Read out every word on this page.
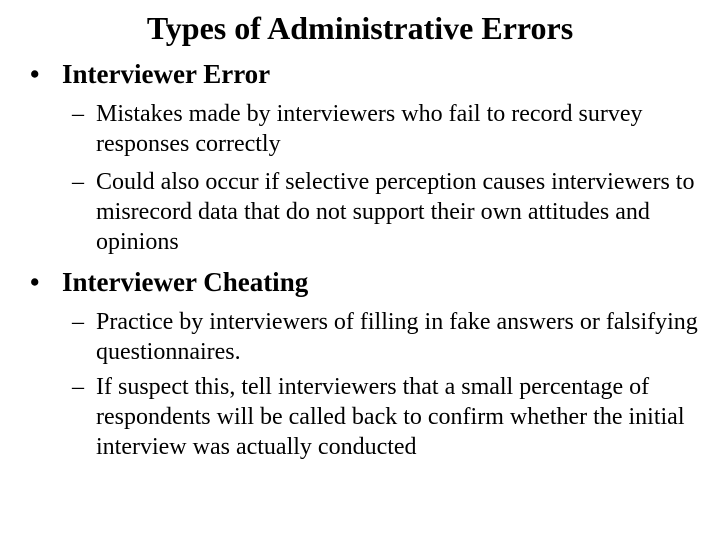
Types of Administrative Errors
• Interviewer Error
– Mistakes made by interviewers who fail to record survey responses correctly
– Could also occur if selective perception causes interviewers to misrecord data that do not support their own attitudes and opinions
• Interviewer Cheating
– Practice by interviewers of filling in fake answers or falsifying questionnaires.
– If suspect this, tell interviewers that a small percentage of respondents will be called back to confirm whether the initial interview was actually conducted
